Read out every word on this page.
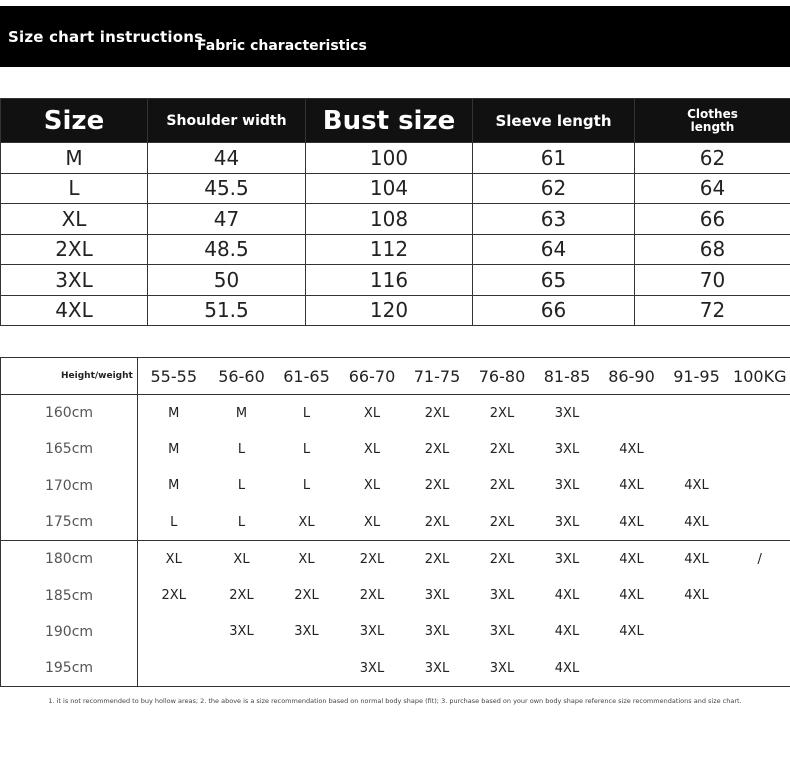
Size chart instructions
Fabric characteristics
Size	Shoulder width	Bust size	Sleeve length	Clothes
length

M	44	100	61	62
L	45.5	104	62	64
XL	47	108	63	66
2XL	48.5	112	64	68
3XL	50	116	65	70
4XL	51.5	120	66	72
Height/weight	55-55	56-60	61-65	66-70	71-75	76-80	81-85	86-90	91-95	100KG
160cm	M	M	L	XL	2XL	2XL	3XL			
165cm	M	L	L	XL	2XL	2XL	3XL	4XL		
170cm	M	L	L	XL	2XL	2XL	3XL	4XL	4XL	
175cm	L	L	XL	XL	2XL	2XL	3XL	4XL	4XL	
180cm	XL	XL	XL	2XL	2XL	2XL	3XL	4XL	4XL	/
185cm	2XL	2XL	2XL	2XL	3XL	3XL	4XL	4XL	4XL	
190cm		3XL	3XL	3XL	3XL	3XL	4XL	4XL		
195cm				3XL	3XL	3XL	4XL			
1. it is not recommended to buy hollow areas; 2. the above is a size recommendation based on normal body shape (fit); 3. purchase based on your own body shape reference size recommendations and size chart.
